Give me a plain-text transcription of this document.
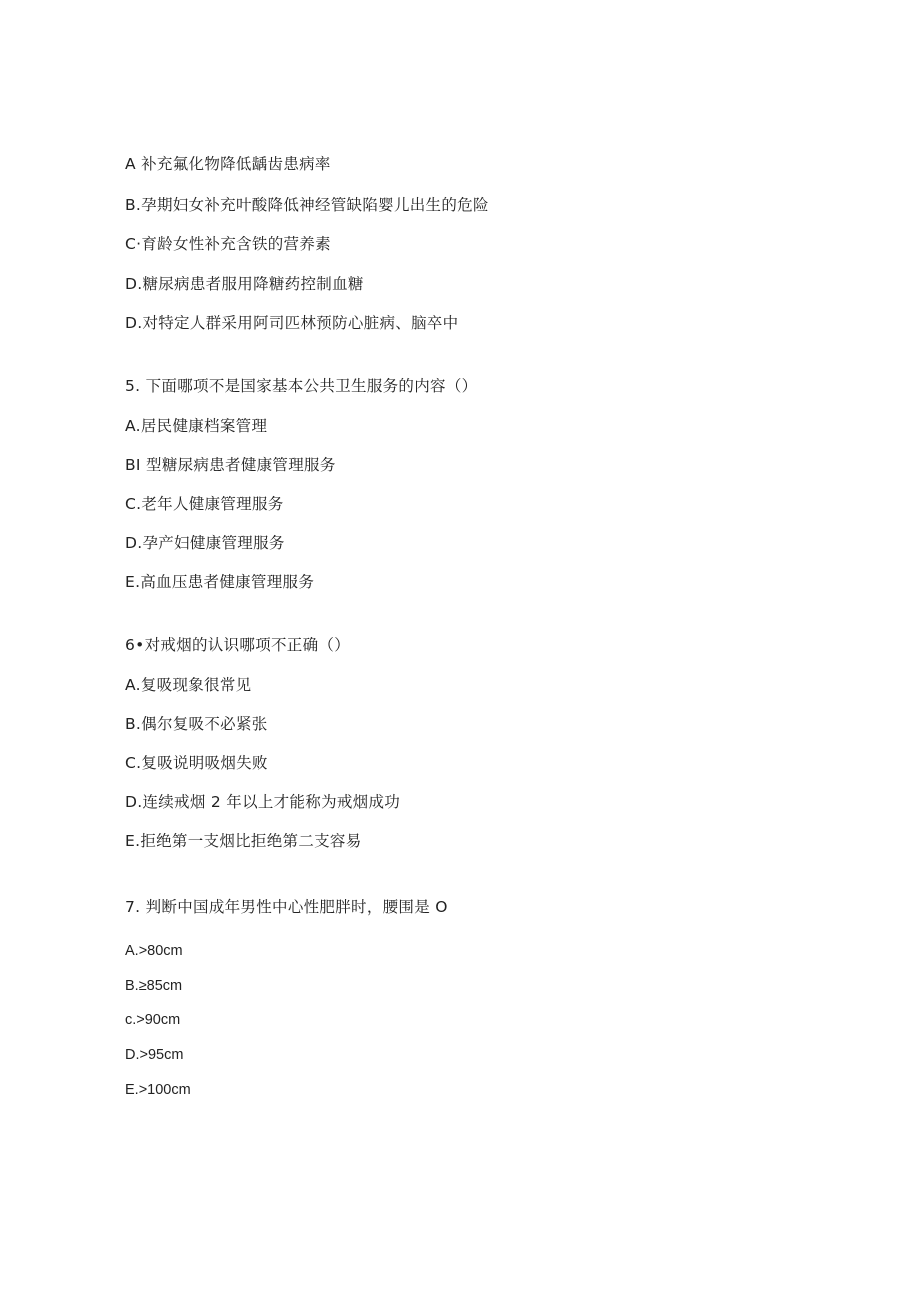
A 补充氟化物降低龋齿患病率
B.孕期妇女补充叶酸降低神经管缺陷婴儿出生的危险
C·育龄女性补充含铁的营养素
D.糖尿病患者服用降糖药控制血糖
D.对特定人群采用阿司匹林预防心脏病、脑卒中
5. 下面哪项不是国家基本公共卫生服务的内容（）
A.居民健康档案管理
BI 型糖尿病患者健康管理服务
C.老年人健康管理服务
D.孕产妇健康管理服务
E.高血压患者健康管理服务
6•对戒烟的认识哪项不正确（）
A.复吸现象很常见
B.偶尔复吸不必紧张
C.复吸说明吸烟失败
D.连续戒烟 2 年以上才能称为戒烟成功
E.拒绝第一支烟比拒绝第二支容易
7. 判断中国成年男性中心性肥胖时，腰围是 O
A.>80cm
B.≥85cm
c.>90cm
D.>95cm
E.>100cm
